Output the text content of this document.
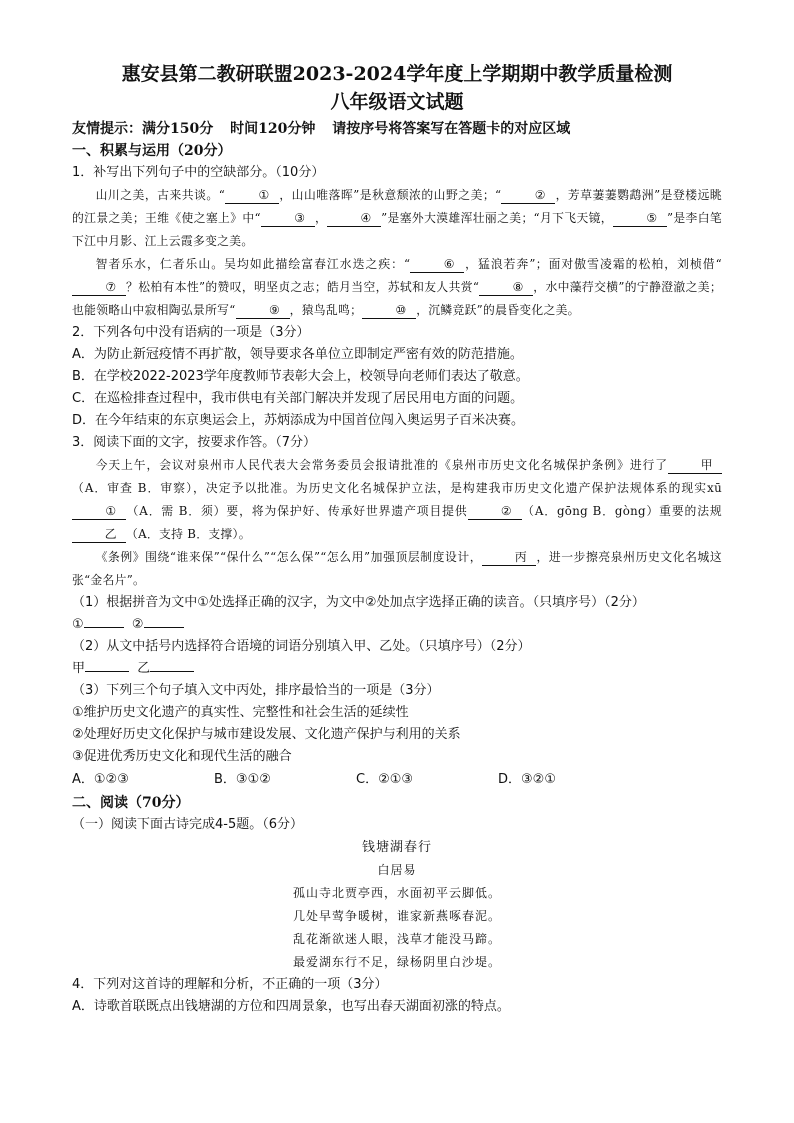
惠安县第二教研联盟2023-2024学年度上学期期中教学质量检测
八年级语文试题
友情提示：满分150分 时间120分钟 请按序号将答案写在答题卡的对应区域
一、积累与运用（20分）
1．补写出下列句子中的空缺部分。（10分）
山川之美，古来共谈。“	① ，山山唯落晖”是秋意颓浓的山野之美；“	② ，芳草萋萋鹦鹉洲”是登楼远眺的江景之美；王维《使之塞上》中“	③ ，	④ ”是塞外大漠雄浑壮丽之美；“月下飞天镜，	⑤ ”是李白笔下江中月影、江上云霞多变之美。
智者乐水，仁者乐山。吴均如此描绘富春江水迭之疾：“	⑥ ，猛浪若奔”；面对傲雪凌霜的松柏，刘桢借“⑦ ？松柏有本性”的赞叹，明坚贞之志；皓月当空，苏轼和友人共赏“	⑧ ，水中藻荇交横”的宁静澄澈之美；也能领略山中寂相陶弘景所写“	⑨ ，猿鸟乱鸣；	⑩ ，沉鳞竞跃”的晨昏变化之美。
2．下列各句中没有语病的一项是（3分）
A．为防止新冠疫情不再扩散，领导要求各单位立即制定严密有效的防范措施。
B．在学校2022-2023学年度教师节表彰大会上，校领导向老师们表达了敬意。
C．在巡检排查过程中，我市供电有关部门解决并发现了居民用电方面的问题。
D．在今年结束的东京奥运会上，苏炳添成为中国首位闯入奥运男子百米决赛。
3．阅读下面的文字，按要求作答。（7分）
今天上午，会议对泉州市人民代表大会常务委员会报请批准的《泉州市历史文化名城保护条例》进行了	甲（A．审查 B．审察），决定予以批准。为历史文化名城保护立法，是构建我市历史文化遗产保护法规体系的现实xū① （A．需 B．须）要，将为保护好、传承好世界遗产项目提供	② （A．gōng B．gòng）重要的法规乙 （A．支持 B．支撑）。
《条例》围绕“谁来保”“保什么”“怎么保”“怎么用”加强顶层制度设计，	丙 ，进一步擦亮泉州历史文化名城这张“金名片”。
（1）根据拼音为文中①处选择正确的汉字，为文中②处加点字选择正确的读音。（只填序号）（2分）
①	②
（2）从文中括号内选择符合语境的词语分别填入甲、乙处。（只填序号）（2分）
甲	乙
（3）下列三个句子填入文中丙处，排序最恰当的一项是（3分）
①维护历史文化遗产的真实性、完整性和社会生活的延续性
②处理好历史文化保护与城市建设发展、文化遗产保护与利用的关系
③促进优秀历史文化和现代生活的融合
A．①②③	B．③①②	C．②①③	D．③②①
二、阅读（70分）
（一）阅读下面古诗完成4-5题。（6分）
钱塘湖春行
白居易
孤山寺北贾亭西，水面初平云脚低。
几处早莺争暖树，谁家新燕啄春泥。
乱花渐欲迷人眼，浅草才能没马蹄。
最爱湖东行不足，绿杨阴里白沙堤。
4．下列对这首诗的理解和分析，不正确的一项（3分）
A．诗歌首联既点出钱塘湖的方位和四周景象，也写出春天湖面初涨的特点。
